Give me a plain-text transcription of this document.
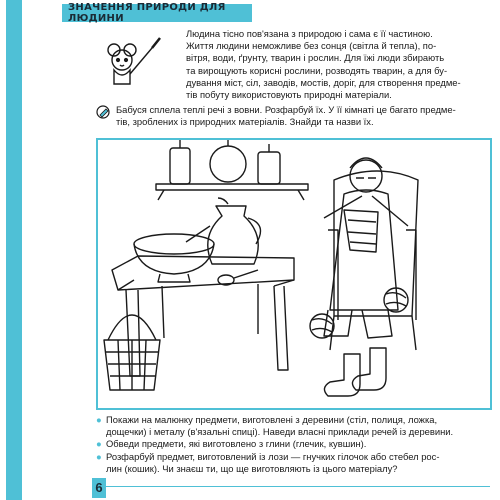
ЗНАЧЕННЯ ПРИРОДИ ДЛЯ ЛЮДИНИ
Людина тісно пов'язана з природою і сама є її частиною.
Життя людини неможливе без сонця (світла й тепла), по-
вітря, води, ґрунту, тварин і рослин. Для їжі люди збирають
та вирощують корисні рослини, розводять тварин, а для бу-
дування міст, сіл, заводів, мостів, доріг, для створення предме-
тів побуту використовують природні матеріали.
Бабуся сплела теплі речі з вовни. Розфарбуй їх. У її кімнаті це багато предме-
тів, зроблених із природних матеріалів. Знайди та назви їх.
● Покажи на малюнку предмети, виготовлені з деревини (стіл, полиця, ложка,
дощечки) і металу (в'язальні спиці). Наведи власні приклади речей із деревини.
● Обведи предмети, які виготовлено з глини (глечик, кувшин).
● Розфарбуй предмет, виготовлений із лози — гнучких гілочок або стебел рос-
лин (кошик). Чи знаєш ти, що ще виготовляють із цього матеріалу?
6
